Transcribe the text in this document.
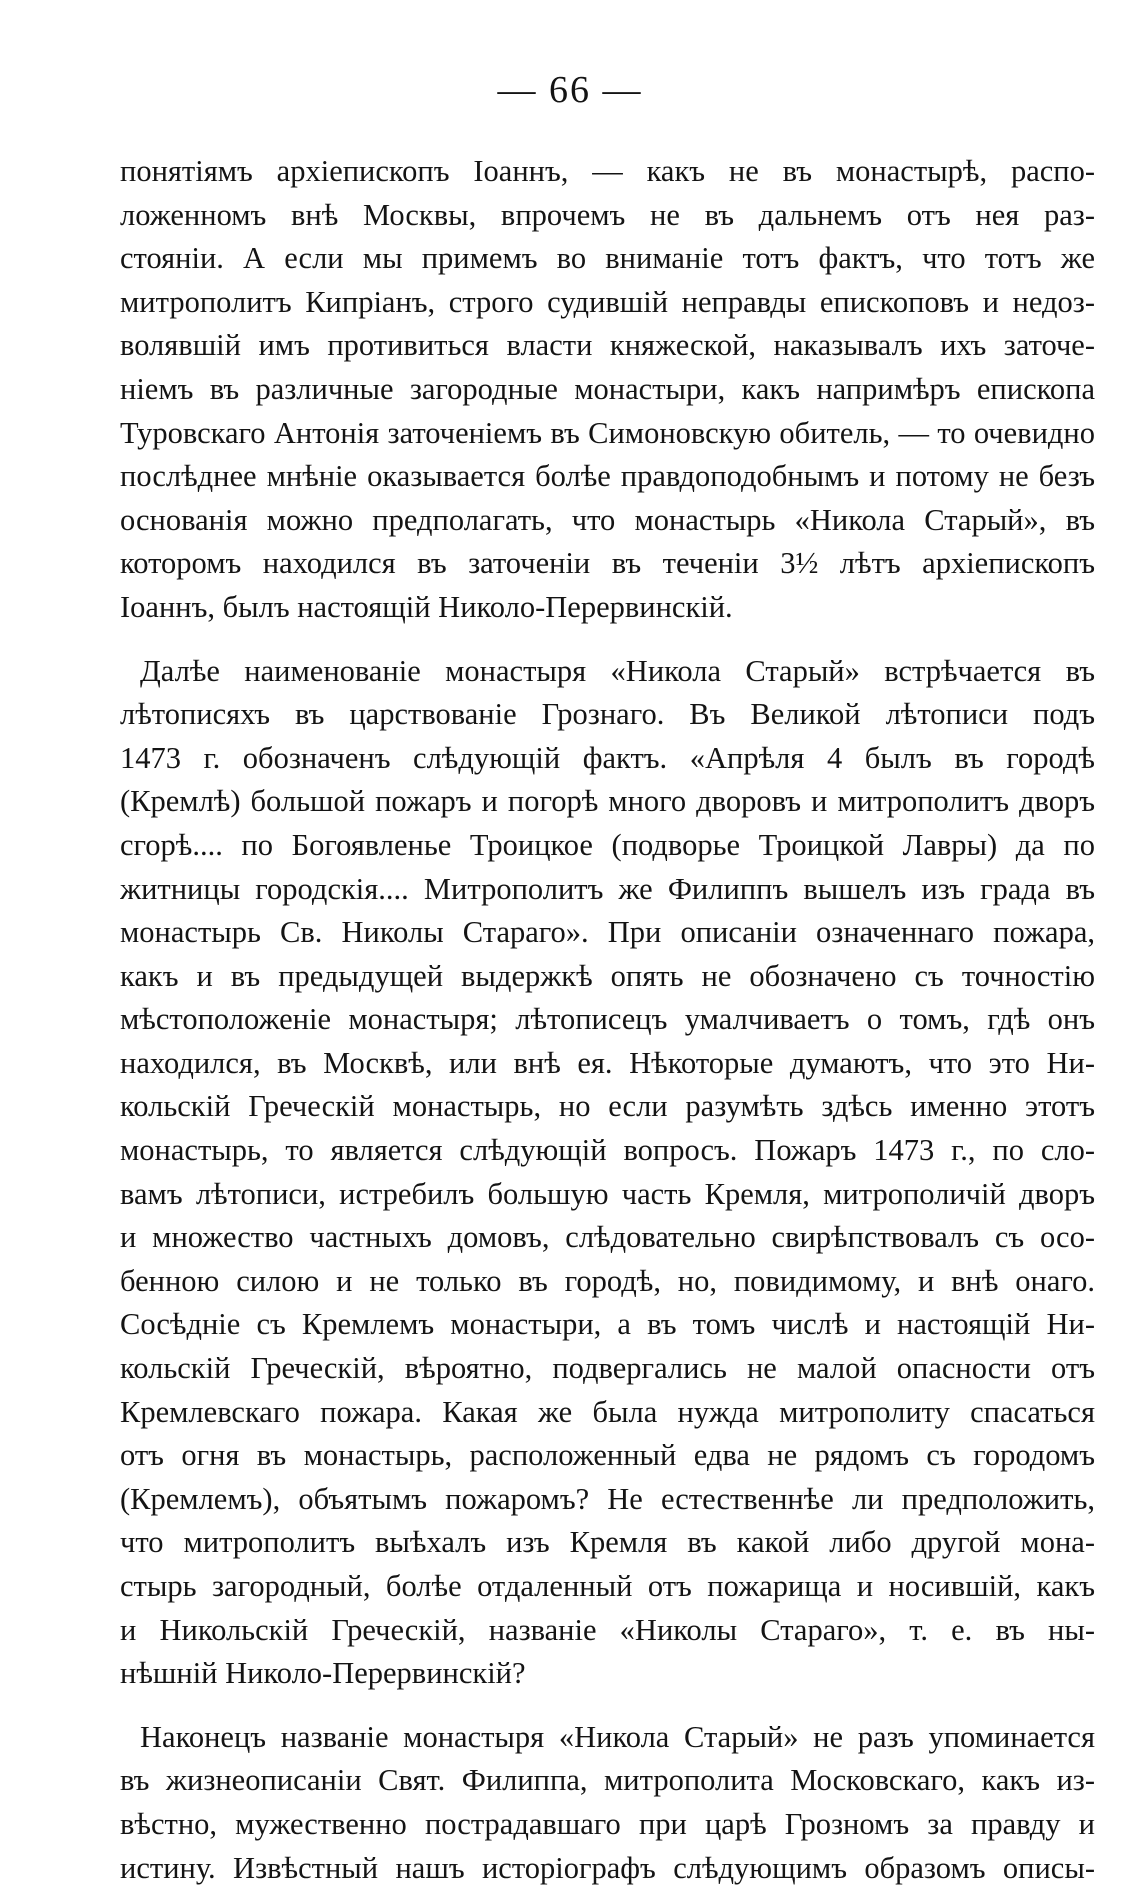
— 66 —
понятіямъ архіепископъ Іоаннъ, — какъ не въ монастырѣ, распо-
ложенномъ внѣ Москвы, впрочемъ не въ дальнемъ отъ нея раз-
стояніи. А если мы примемъ во вниманіе тотъ фактъ, что тотъ же
митрополитъ Кипріанъ, строго судившій неправды епископовъ и недоз-
волявшій имъ противиться власти княжеской, наказывалъ ихъ заточе-
ніемъ въ различные загородные монастыри, какъ напримѣръ епископа
Туровскаго Антонія заточеніемъ въ Симоновскую обитель, — то очевидно
послѣднее мнѣніе оказывается болѣе правдоподобнымъ и потому не безъ
основанія можно предполагать, что монастырь «Никола Старый», въ
которомъ находился въ заточеніи въ теченіи 3½ лѣтъ архіепископъ
Іоаннъ, былъ настоящій Николо-Перервинскій.
Далѣе наименованіе монастыря «Никола Старый» встрѣчается въ
лѣтописяхъ въ царствованіе Грознаго. Въ Великой лѣтописи подъ
1473 г. обозначенъ слѣдующій фактъ. «Апрѣля 4 былъ въ городѣ
(Кремлѣ) большой пожаръ и погорѣ много дворовъ и митрополитъ дворъ
сгорѣ.... по Богоявленье Троицкое (подворье Троицкой Лавры) да по
житницы городскія.... Митрополитъ же Филиппъ вышелъ изъ града въ
монастырь Св. Николы Стараго». При описаніи означеннаго пожара,
какъ и въ предыдущей выдержкѣ опять не обозначено съ точностію
мѣстоположеніе монастыря; лѣтописецъ умалчиваетъ о томъ, гдѣ онъ
находился, въ Москвѣ, или внѣ ея. Нѣкоторые думаютъ, что это Ни-
кольскій Греческій монастырь, но если разумѣть здѣсь именно этотъ
монастырь, то является слѣдующій вопросъ. Пожаръ 1473 г., по сло-
вамъ лѣтописи, истребилъ большую часть Кремля, митрополичій дворъ
и множество частныхъ домовъ, слѣдовательно свирѣпствовалъ съ осо-
бенною силою и не только въ городѣ, но, повидимому, и внѣ онаго.
Сосѣдніе съ Кремлемъ монастыри, а въ томъ числѣ и настоящій Ни-
кольскій Греческій, вѣроятно, подвергались не малой опасности отъ
Кремлевскаго пожара. Какая же была нужда митрополиту спасаться
отъ огня въ монастырь, расположенный едва не рядомъ съ городомъ
(Кремлемъ), объятымъ пожаромъ? Не естественнѣе ли предположить,
что митрополитъ выѣхалъ изъ Кремля въ какой либо другой мона-
стырь загородный, болѣе отдаленный отъ пожарища и носившій, какъ
и Никольскій Греческій, названіе «Николы Стараго», т. е. въ ны-
нѣшній Николо-Перервинскій?
Наконецъ названіе монастыря «Никола Старый» не разъ упоминается
въ жизнеописаніи Свят. Филиппа, митрополита Московскаго, какъ из-
вѣстно, мужественно пострадавшаго при царѣ Грозномъ за правду и
истину. Извѣстный нашъ исторіографъ слѣдующимъ образомъ описы-
